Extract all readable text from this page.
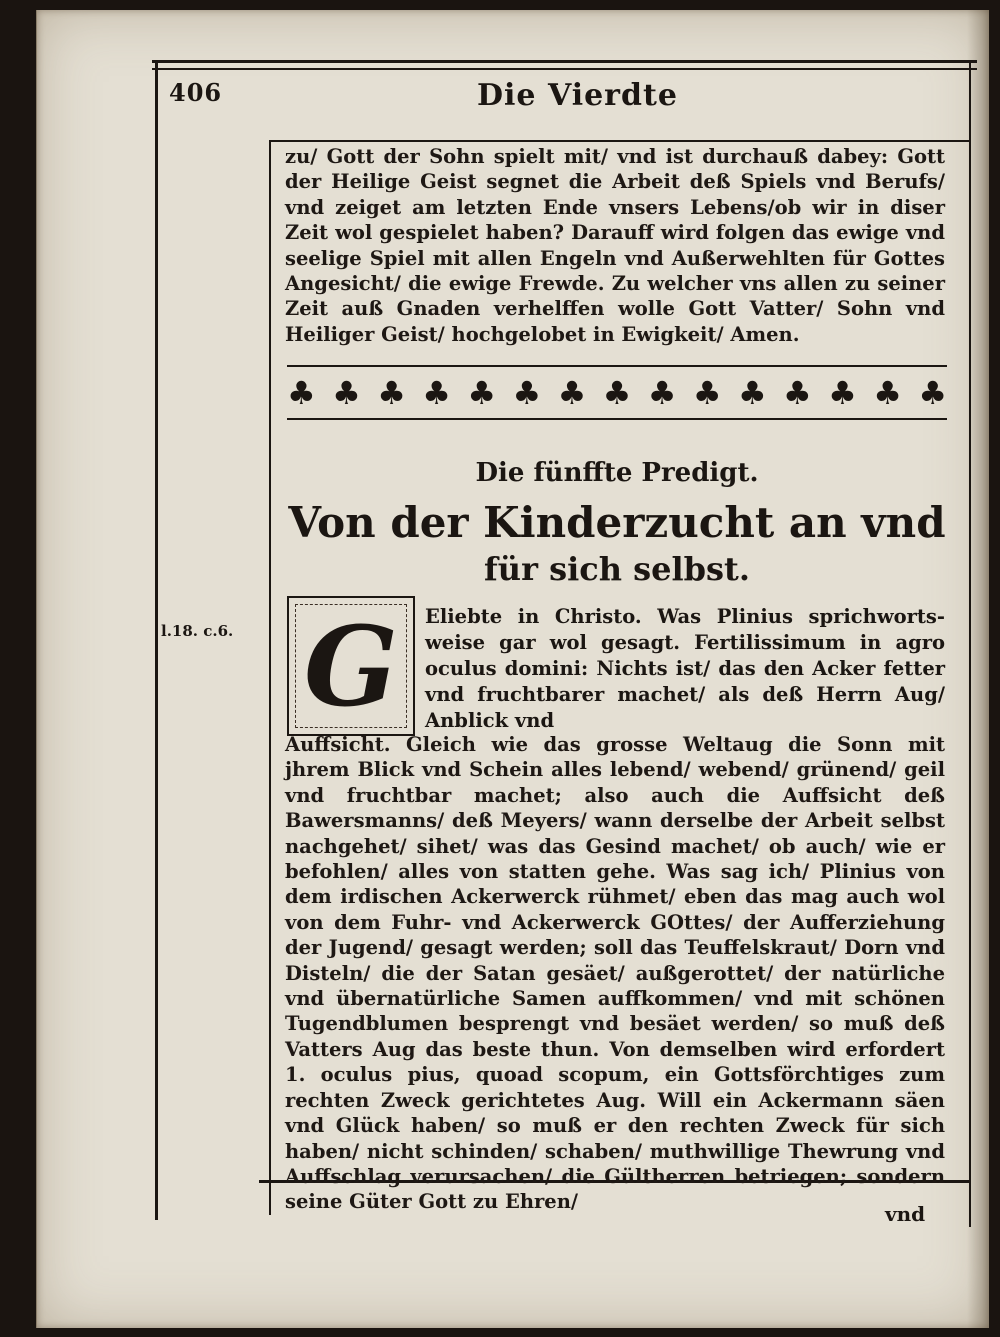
406	Die Vierdte

zu/ Gott der Sohn spielt mit/ vnd ist durchauß dabey: Gott der Heilige Geist segnet die Arbeit deß Spiels vnd Berufs/ vnd zeiget am letzten Ende vnsers Lebens/ob wir in diser Zeit wol gespielet haben? Darauff wird folgen das ewige vnd seelige Spiel mit allen Engeln vnd Außerwehlten für Gottes Angesicht/ die ewige Frewde. Zu welcher vns allen zu seiner Zeit auß Gnaden verhelffen wolle Gott Vatter/ Sohn vnd Heiliger Geist/ hochgelobet in Ewigkeit/ Amen.

♣ ♣ ♣ ♣ ♣ ♣ ♣ ♣ ♣ ♣ ♣ ♣ ♣ ♣ ♣
Die fünffte Predigt.
Von der Kinderzucht an vnd
für sich selbst.
l.18. c.6. G Eliebte in Christo. Was Plinius sprichworts-weise gar wol gesagt. Fertilissimum in agro oculus domini: Nichts ist/ das den Acker fetter vnd fruchtbarer machet/ als deß Herrn Aug/ Anblick vnd

Auffsicht. Gleich wie das grosse Weltaug die Sonn mit jhrem Blick vnd Schein alles lebend/ webend/ grünend/ geil vnd fruchtbar machet; also auch die Auffsicht deß Bawersmanns/ deß Meyers/ wann derselbe der Arbeit selbst nachgehet/ sihet/ was das Gesind machet/ ob auch/ wie er befohlen/ alles von statten gehe. Was sag ich/ Plinius von dem irdischen Ackerwerck rühmet/ eben das mag auch wol von dem Fuhr- vnd Ackerwerck GOttes/ der Aufferziehung der Jugend/ gesagt werden; soll das Teuffelskraut/ Dorn vnd Disteln/ die der Satan gesäet/ außgerottet/ der natürliche vnd übernatürliche Samen auffkommen/ vnd mit schönen Tugendblumen besprengt vnd besäet werden/ so muß deß Vatters Aug das beste thun. Von demselben wird erfordert 1. oculus pius, quoad scopum, ein Gottsförchtiges zum rechten Zweck gerichtetes Aug. Will ein Ackermann säen vnd Glück haben/ so muß er den rechten Zweck für sich haben/ nicht schinden/ schaben/ muthwillige Thewrung vnd Auffschlag verursachen/ die Gültherren betriegen; sondern seine Güter Gott zu Ehren/

vnd
